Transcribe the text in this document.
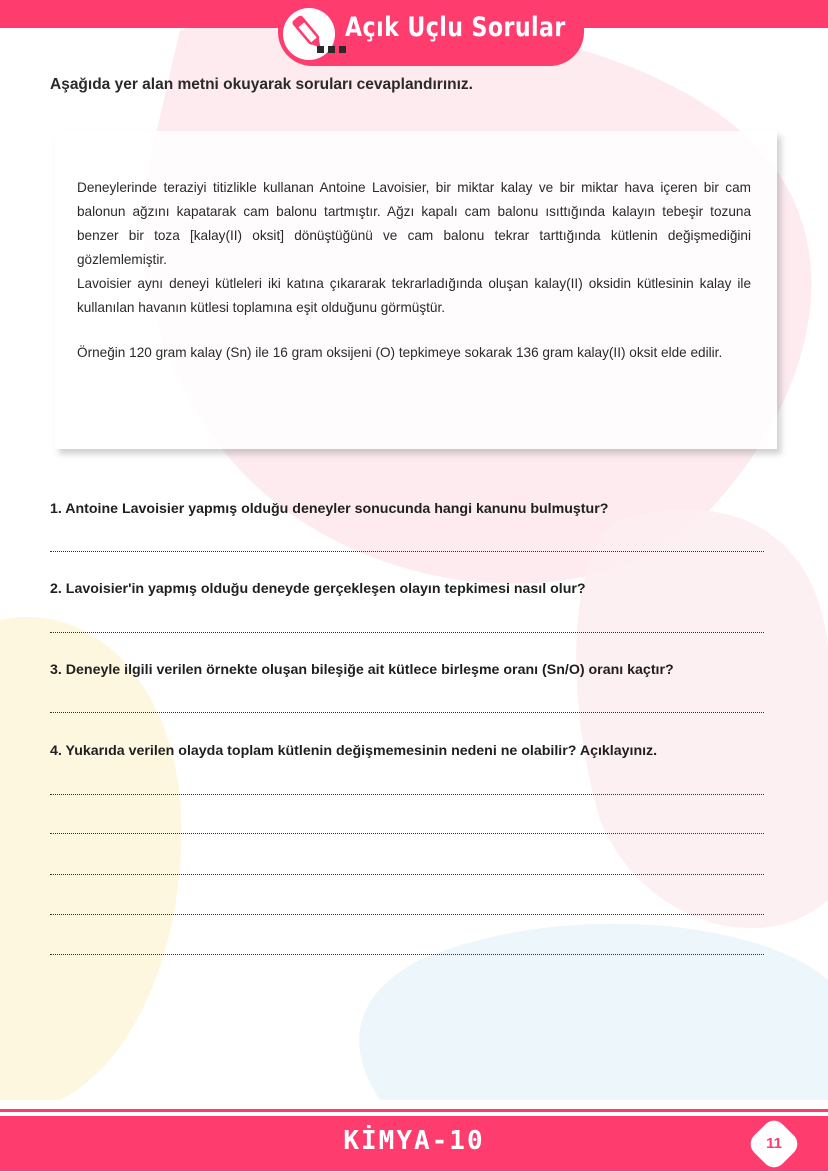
Açık Uçlu Sorular
Aşağıda yer alan metni okuyarak soruları cevaplandırınız.

Deneylerinde teraziyi titizlikle kullanan Antoine Lavoisier, bir miktar kalay ve bir miktar hava içeren bir cam balonun ağzını kapatarak cam balonu tartmıştır. Ağzı kapalı cam balonu ısıttığında kalayın tebeşir tozuna benzer bir toza [kalay(II) oksit] dönüştüğünü ve cam balonu tekrar tarttığında kütlenin değişmediğini gözlemlemiştir.

Lavoisier aynı deneyi kütleleri iki katına çıkararak tekrarladığında oluşan kalay(II) oksidin kütlesinin kalay ile kullanılan havanın kütlesi toplamına eşit olduğunu görmüştür.

Örneğin 120 gram kalay (Sn) ile 16 gram oksijeni (O) tepkimeye sokarak 136 gram kalay(II) oksit elde edilir.

1. Antoine Lavoisier yapmış olduğu deneyler sonucunda hangi kanunu bulmuştur?
2. Lavoisier'in yapmış olduğu deneyde gerçekleşen olayın tepkimesi nasıl olur?
3. Deneyle ilgili verilen örnekte oluşan bileşiğe ait kütlece birleşme oranı (Sn/O) oranı kaçtır?
4. Yukarıda verilen olayda toplam kütlenin değişmemesinin nedeni ne olabilir? Açıklayınız.
KİMYA-10	11
